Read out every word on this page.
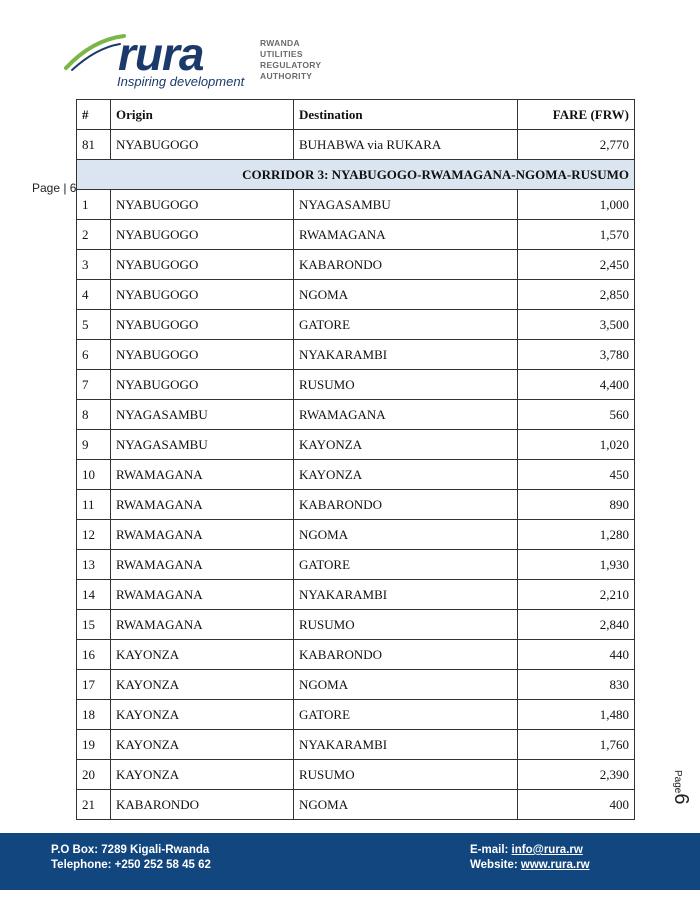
rura
Inspiring development
RWANDA
UTILITIES
REGULATORY
AUTHORITY
Page | 6
Page6
#	Origin	Destination	FARE (FRW)
81	NYABUGOGO	BUHABWA via RUKARA	2,770
CORRIDOR 3: NYABUGOGO-RWAMAGANA-NGOMA-RUSUMO			
1	NYABUGOGO	NYAGASAMBU	1,000
2	NYABUGOGO	RWAMAGANA	1,570
3	NYABUGOGO	KABARONDO	2,450
4	NYABUGOGO	NGOMA	2,850
5	NYABUGOGO	GATORE	3,500
6	NYABUGOGO	NYAKARAMBI	3,780
7	NYABUGOGO	RUSUMO	4,400
8	NYAGASAMBU	RWAMAGANA	560
9	NYAGASAMBU	KAYONZA	1,020
10	RWAMAGANA	KAYONZA	450
11	RWAMAGANA	KABARONDO	890
12	RWAMAGANA	NGOMA	1,280
13	RWAMAGANA	GATORE	1,930
14	RWAMAGANA	NYAKARAMBI	2,210
15	RWAMAGANA	RUSUMO	2,840
16	KAYONZA	KABARONDO	440
17	KAYONZA	NGOMA	830
18	KAYONZA	GATORE	1,480
19	KAYONZA	NYAKARAMBI	1,760
20	KAYONZA	RUSUMO	2,390
21	KABARONDO	NGOMA	400
P.O Box: 7289 Kigali-Rwanda
Telephone: +250 252 58 45 62
E-mail: info@rura.rw
Website: www.rura.rw
